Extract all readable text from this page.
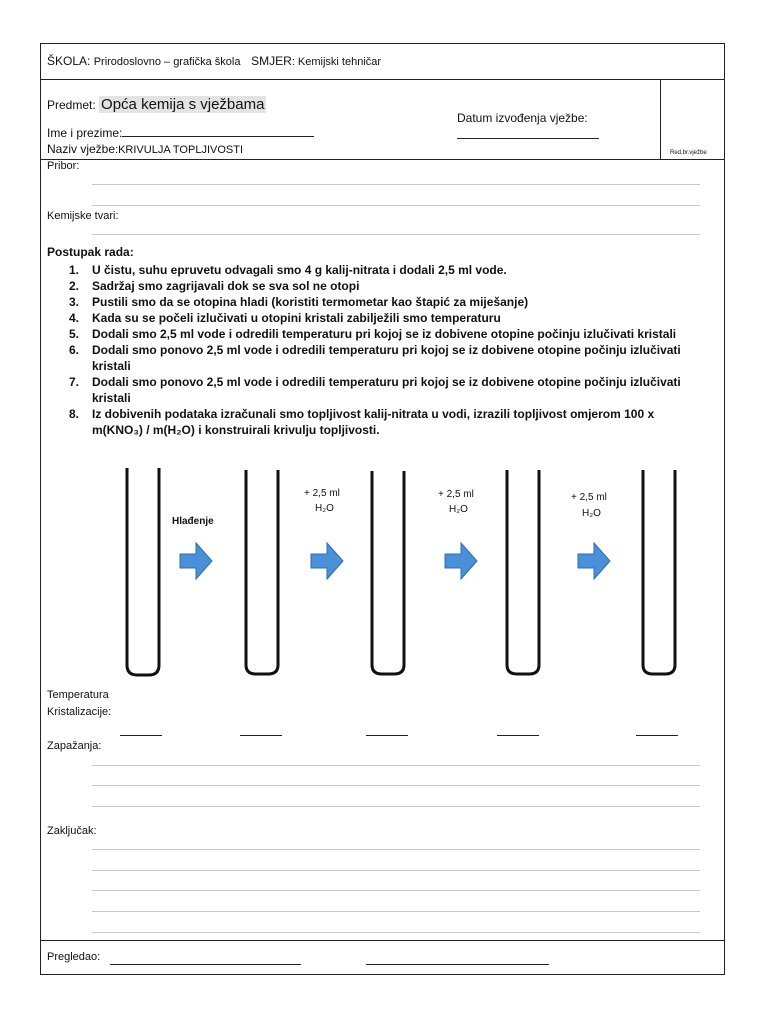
ŠKOLA: Prirodoslovno – grafička škola SMJER: Kemijski tehničar
Predmet: Opća kemija s vježbama
Ime i prezime:
Naziv vježbe:KRIVULJA TOPLJIVOSTI
Datum izvođenja vježbe:
Red.br.vježbe
Pribor:
Kemijske tvari:
Postupak rada:
1. U čistu, suhu epruvetu odvagali smo 4 g kalij-nitrata i dodali 2,5 ml vode.
2. Sadržaj smo zagrijavali dok se sva sol ne otopi
3. Pustili smo da se otopina hladi (koristiti termometar kao štapić za miješanje)
4. Kada su se počeli izlučivati u otopini kristali zabilježili smo temperaturu
5. Dodali smo 2,5 ml vode i odredili temperaturu pri kojoj se iz dobivene otopine počinju izlučivati kristali
6. Dodali smo ponovo 2,5 ml vode i odredili temperaturu pri kojoj se iz dobivene otopine počinju izlučivati kristali
7. Dodali smo ponovo 2,5 ml vode i odredili temperaturu pri kojoj se iz dobivene otopine počinju izlučivati kristali
8. Iz dobivenih podataka izračunali smo topljivost kalij-nitrata u vodi, izrazili topljivost omjerom 100 x m(KNO₃) / m(H₂O) i konstruirali krivulju topljivosti.
Hlađenje
+ 2,5 ml
H₂O
+ 2,5 ml
H₂O
+ 2,5 ml
H₂O
Temperatura
Kristalizacije:
Zapažanja:
Zaključak:
Pregledao:
